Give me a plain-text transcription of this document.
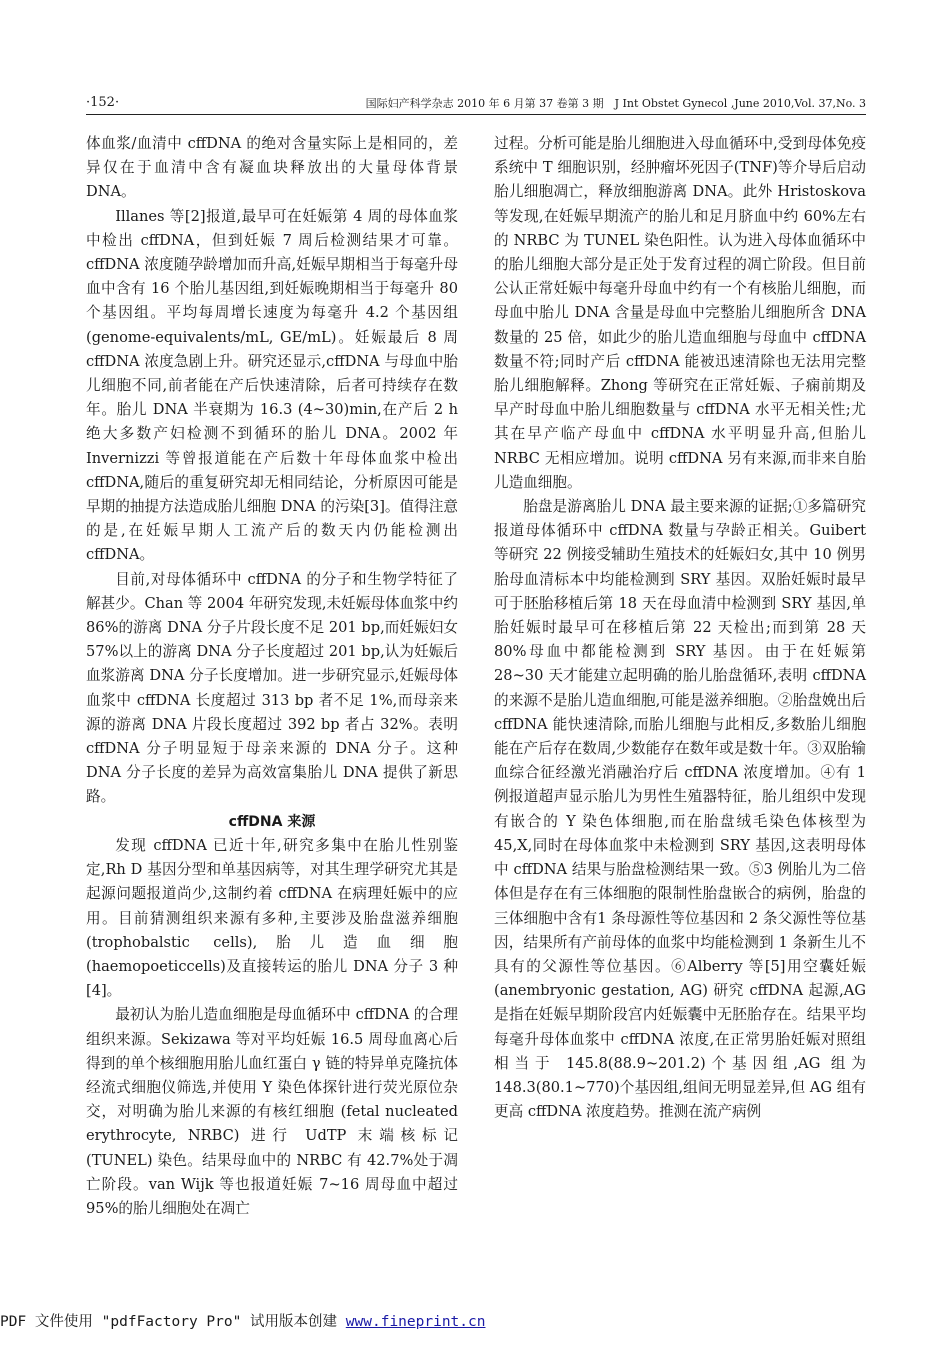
·152·	国际妇产科学杂志 2010 年 6 月第 37 卷第 3 期　J Int Obstet Gynecol ,June 2010,Vol. 37,No. 3

体血浆/血清中 cffDNA 的绝对含量实际上是相同的，差异仅在于血清中含有凝血块释放出的大量母体背景 DNA。

Illanes 等[2]报道,最早可在妊娠第 4 周的母体血浆中检出 cffDNA，但到妊娠 7 周后检测结果才可靠。cffDNA 浓度随孕龄增加而升高,妊娠早期相当于每毫升母血中含有 16 个胎儿基因组,到妊娠晚期相当于每毫升 80 个基因组。平均每周增长速度为每毫升 4.2 个基因组(genome-equivalents/mL, GE/mL)。妊娠最后 8 周 cffDNA 浓度急剧上升。研究还显示,cffDNA 与母血中胎儿细胞不同,前者能在产后快速清除，后者可持续存在数年。胎儿 DNA 半衰期为 16.3 (4~30)min,在产后 2 h 绝大多数产妇检测不到循环的胎儿 DNA。2002 年 Invernizzi 等曾报道能在产后数十年母体血浆中检出 cffDNA,随后的重复研究却无相同结论，分析原因可能是早期的抽提方法造成胎儿细胞 DNA 的污染[3]。值得注意的是,在妊娠早期人工流产后的数天内仍能检测出 cffDNA。

目前,对母体循环中 cffDNA 的分子和生物学特征了解甚少。Chan 等 2004 年研究发现,未妊娠母体血浆中约 86%的游离 DNA 分子片段长度不足 201 bp,而妊娠妇女 57%以上的游离 DNA 分子长度超过 201 bp,认为妊娠后血浆游离 DNA 分子长度增加。进一步研究显示,妊娠母体血浆中 cffDNA 长度超过 313 bp 者不足 1%,而母亲来源的游离 DNA 片段长度超过 392 bp 者占 32%。表明 cffDNA 分子明显短于母亲来源的 DNA 分子。这种 DNA 分子长度的差异为高效富集胎儿 DNA 提供了新思路。

cffDNA 来源

发现 cffDNA 已近十年,研究多集中在胎儿性别鉴定,Rh D 基因分型和单基因病等，对其生理学研究尤其是起源问题报道尚少,这制约着 cffDNA 在病理妊娠中的应用。目前猜测组织来源有多种,主要涉及胎盘滋养细胞(trophobalstic cells),胎儿造血细胞(haemopoeticcells)及直接转运的胎儿 DNA 分子 3 种[4]。

最初认为胎儿造血细胞是母血循环中 cffDNA 的合理组织来源。Sekizawa 等对平均妊娠 16.5 周母血离心后得到的单个核细胞用胎儿血红蛋白 γ 链的特异单克隆抗体经流式细胞仪筛选,并使用 Y 染色体探针进行荧光原位杂交，对明确为胎儿来源的有核红细胞 (fetal nucleated erythrocyte, NRBC) 进行 UdTP 末端核标记 (TUNEL) 染色。结果母血中的 NRBC 有 42.7%处于凋亡阶段。van Wijk 等也报道妊娠 7~16 周母血中超过 95%的胎儿细胞处在凋亡

过程。分析可能是胎儿细胞进入母血循环中,受到母体免疫系统中 T 细胞识别，经肿瘤坏死因子(TNF)等介导后启动胎儿细胞凋亡，释放细胞游离 DNA。此外 Hristoskova 等发现,在妊娠早期流产的胎儿和足月脐血中约 60%左右的 NRBC 为 TUNEL 染色阳性。认为进入母体血循环中的胎儿细胞大部分是正处于发育过程的凋亡阶段。但目前公认正常妊娠中每毫升母血中约有一个有核胎儿细胞，而母血中胎儿 DNA 含量是母血中完整胎儿细胞所含 DNA 数量的 25 倍，如此少的胎儿造血细胞与母血中 cffDNA 数量不符;同时产后 cffDNA 能被迅速清除也无法用完整胎儿细胞解释。Zhong 等研究在正常妊娠、子痫前期及早产时母血中胎儿细胞数量与 cffDNA 水平无相关性;尤其在早产临产母血中 cffDNA 水平明显升高,但胎儿 NRBC 无相应增加。说明 cffDNA 另有来源,而非来自胎儿造血细胞。

胎盘是游离胎儿 DNA 最主要来源的证据;①多篇研究报道母体循环中 cffDNA 数量与孕龄正相关。Guibert 等研究 22 例接受辅助生殖技术的妊娠妇女,其中 10 例男胎母血清标本中均能检测到 SRY 基因。双胎妊娠时最早可于胚胎移植后第 18 天在母血清中检测到 SRY 基因,单胎妊娠时最早可在移植后第 22 天检出;而到第 28 天 80%母血中都能检测到 SRY 基因。由于在妊娠第 28~30 天才能建立起明确的胎儿胎盘循环,表明 cffDNA 的来源不是胎儿造血细胞,可能是滋养细胞。②胎盘娩出后 cffDNA 能快速清除,而胎儿细胞与此相反,多数胎儿细胞能在产后存在数周,少数能存在数年或是数十年。③双胎输血综合征经激光消融治疗后 cffDNA 浓度增加。④有 1 例报道超声显示胎儿为男性生殖器特征，胎儿组织中发现有嵌合的 Y 染色体细胞,而在胎盘绒毛染色体核型为 45,X,同时在母体血浆中未检测到 SRY 基因,这表明母体中 cffDNA 结果与胎盘检测结果一致。⑤3 例胎儿为二倍体但是存在有三体细胞的限制性胎盘嵌合的病例，胎盘的三体细胞中含有1 条母源性等位基因和 2 条父源性等位基因，结果所有产前母体的血浆中均能检测到 1 条新生儿不具有的父源性等位基因。⑥Alberry 等[5]用空囊妊娠(anembryonic gestation, AG) 研究 cffDNA 起源,AG 是指在妊娠早期阶段宫内妊娠囊中无胚胎存在。结果平均每毫升母体血浆中 cffDNA 浓度,在正常男胎妊娠对照组相当于 145.8(88.9~201.2)个基因组,AG 组为 148.3(80.1~770)个基因组,组间无明显差异,但 AG 组有更高 cffDNA 浓度趋势。推测在流产病例

PDF 文件使用 "pdfFactory Pro" 试用版本创建 www.fineprint.cn
